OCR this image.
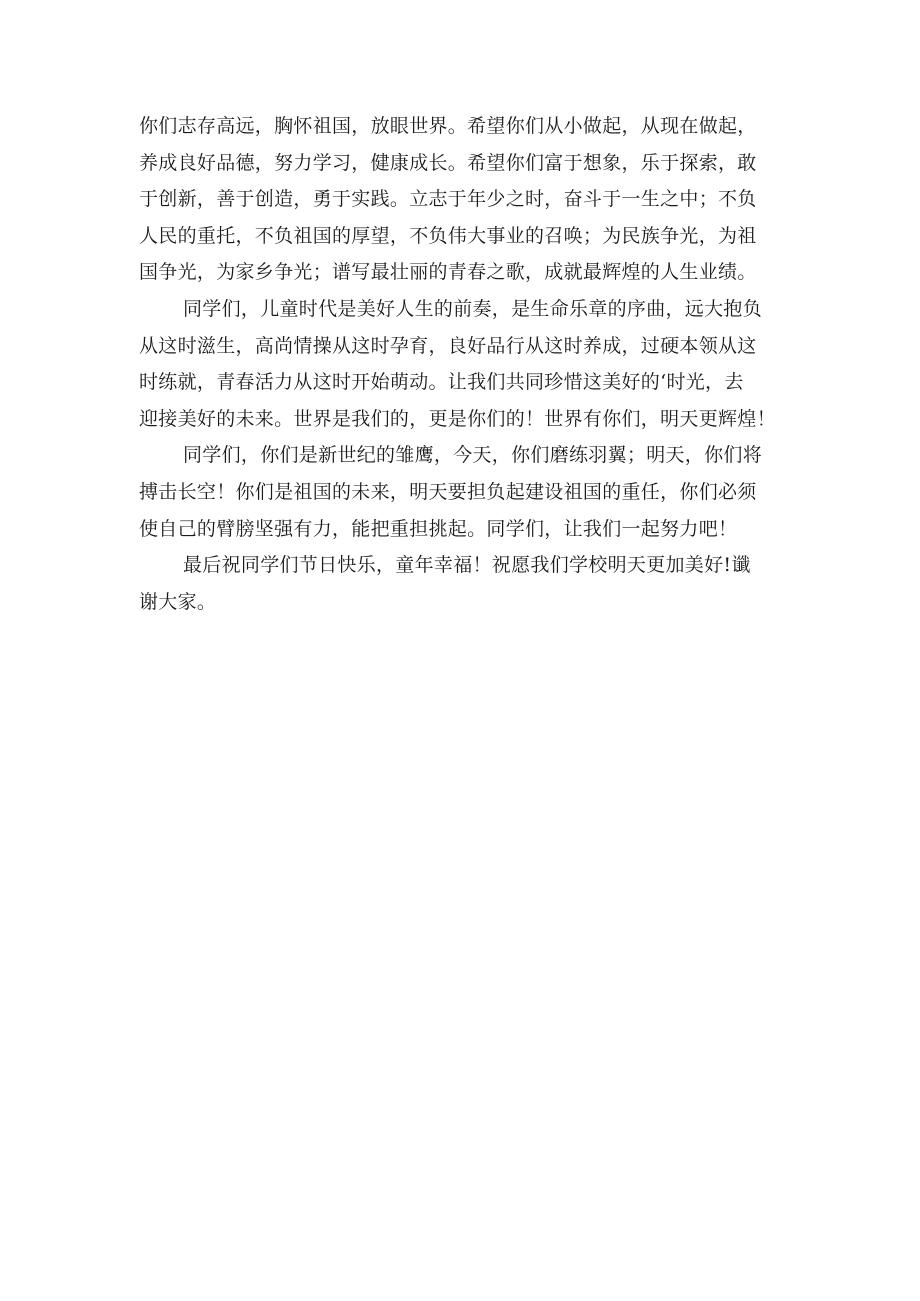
你们志存高远，胸怀祖国，放眼世界。希望你们从小做起，从现在做起，
养成良好品德，努力学习，健康成长。希望你们富于想象，乐于探索，敢
于创新，善于创造，勇于实践。立志于年少之时，奋斗于一生之中；不负
人民的重托，不负祖国的厚望，不负伟大事业的召唤；为民族争光，为祖
国争光，为家乡争光；谱写最壮丽的青春之歌，成就最辉煌的人生业绩。
同学们，儿童时代是美好人生的前奏，是生命乐章的序曲，远大抱负
从这时滋生，高尚情操从这时孕育，良好品行从这时养成，过硬本领从这
时练就，青春活力从这时开始萌动。让我们共同珍惜这美好的‘时光，去
迎接美好的未来。世界是我们的，更是你们的！世界有你们，明天更辉煌！
同学们，你们是新世纪的雏鹰，今天，你们磨练羽翼；明天，你们将
搏击长空！你们是祖国的未来，明天要担负起建设祖国的重任，你们必须
使自己的臂膀坚强有力，能把重担挑起。同学们，让我们一起努力吧！
最后祝同学们节日快乐，童年幸福！祝愿我们学校明天更加美好!谶
谢大家。
